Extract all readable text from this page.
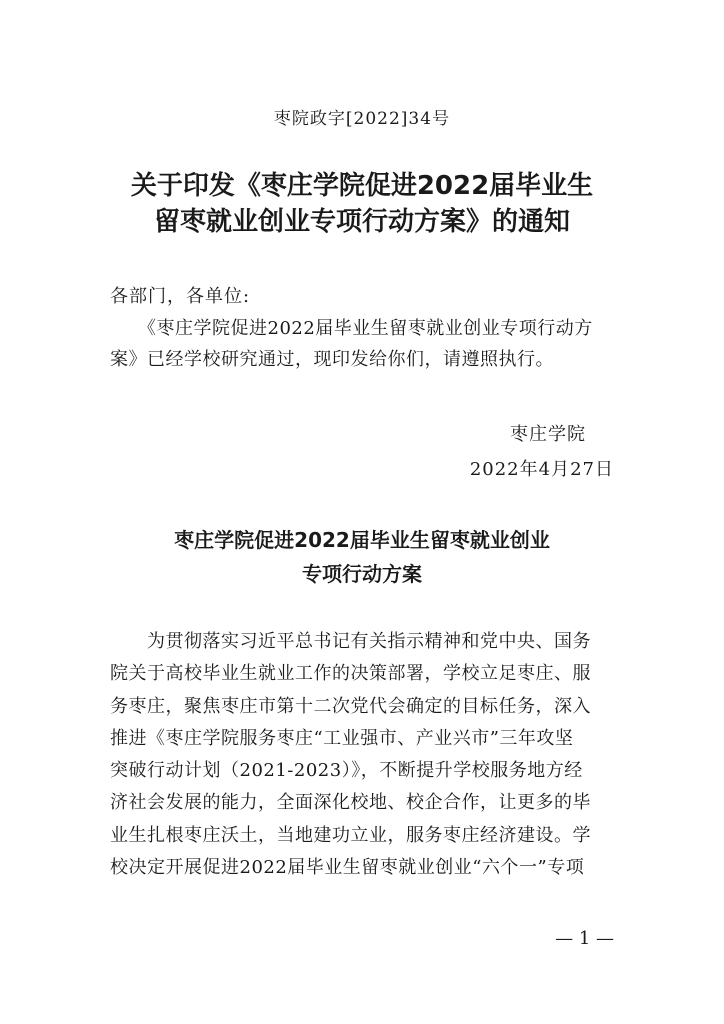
枣院政字[2022]34号
关于印发《枣庄学院促进2022届毕业生
留枣就业创业专项行动方案》的通知
各部门，各单位:
　　《枣庄学院促进2022届毕业生留枣就业创业专项行动方
案》已经学校研究通过，现印发给你们，请遵照执行。
枣庄学院
2022年4月27日
枣庄学院促进2022届毕业生留枣就业创业
专项行动方案
　　为贯彻落实习近平总书记有关指示精神和党中央、国务
院关于高校毕业生就业工作的决策部署，学校立足枣庄、服
务枣庄，聚焦枣庄市第十二次党代会确定的目标任务，深入
推进《枣庄学院服务枣庄“工业强市、产业兴市”三年攻坚
突破行动计划（2021-2023）》，不断提升学校服务地方经
济社会发展的能力，全面深化校地、校企合作，让更多的毕
业生扎根枣庄沃土，当地建功立业，服务枣庄经济建设。学
校决定开展促进2022届毕业生留枣就业创业“六个一”专项
— 1 —
